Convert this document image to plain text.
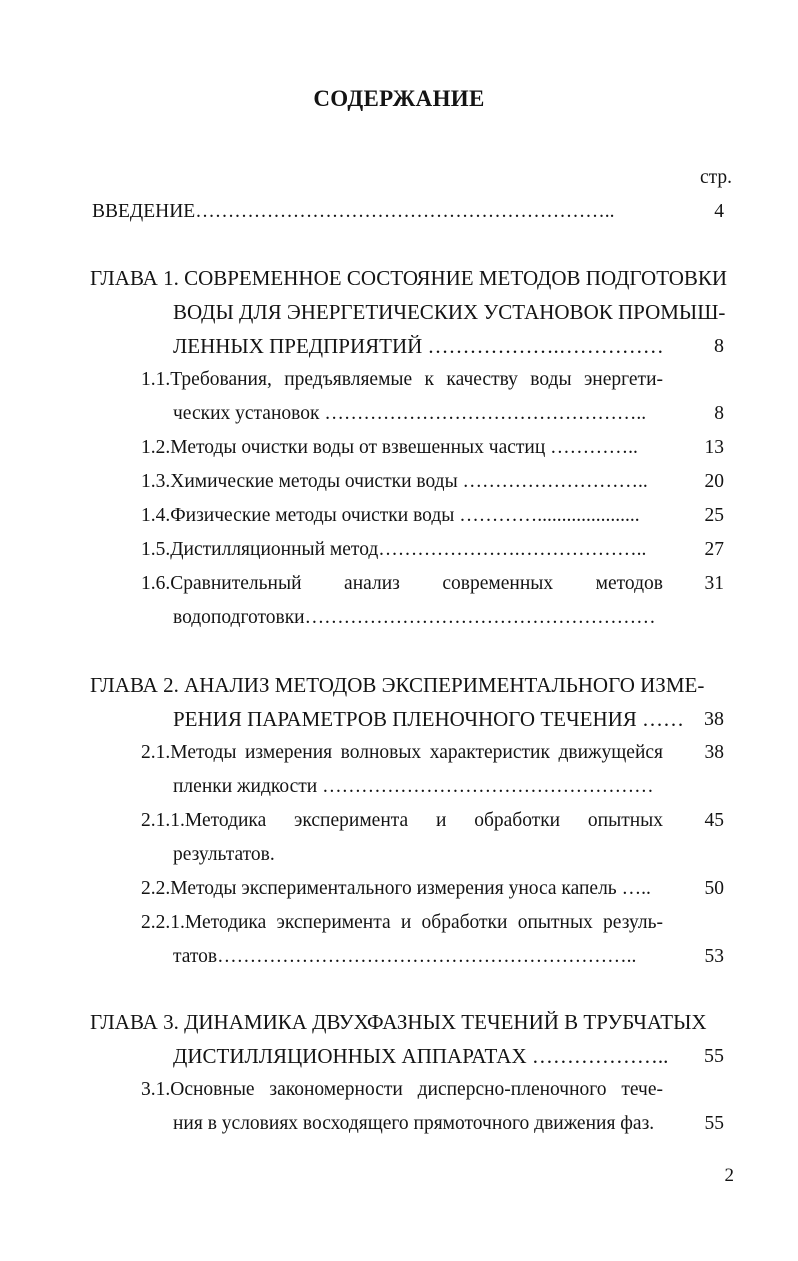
СОДЕРЖАНИЕ
стр.
ВВЕДЕНИЕ………………………………………………………..	4
ГЛАВА 1. СОВРЕМЕННОЕ СОСТОЯНИЕ МЕТОДОВ ПОДГОТОВКИ
ВОДЫ ДЛЯ ЭНЕРГЕТИЧЕСКИХ УСТАНОВОК ПРОМЫШ-
ЛЕННЫХ ПРЕДПРИЯТИЙ ……………….……………	8
1.1.Требования, предъявляемые к качеству воды энергети-
ческих установок …………………………………………..	8
1.2.Методы очистки воды от взвешенных частиц …………..	13
1.3.Химические методы очистки воды ………………………..	20
1.4.Физические методы очистки воды ………….....................	25
1.5.Дистилляционный метод………………….………………..	27
1.6.Сравнительный анализ современных методов 31
водоподготовки………………………………………………
ГЛАВА 2. АНАЛИЗ МЕТОДОВ ЭКСПЕРИМЕНТАЛЬНОГО ИЗМЕ-
РЕНИЯ ПАРАМЕТРОВ ПЛЕНОЧНОГО ТЕЧЕНИЯ …… 38
2.1.Методы измерения волновых характеристик движущейся 38
пленки жидкости ……………………………………………
2.1.1.Методика эксперимента и обработки опытных 45
результатов.
2.2.Методы экспериментального измерения уноса капель …..	50
2.2.1.Методика эксперимента и обработки опытных резуль-
татов………………………………………………………..	53
ГЛАВА 3. ДИНАМИКА ДВУХФАЗНЫХ ТЕЧЕНИЙ В ТРУБЧАТЫХ
ДИСТИЛЛЯЦИОННЫХ АППАРАТАХ ……………….. 55
3.1.Основные закономерности дисперсно-пленочного тече-
ния в условиях восходящего прямоточного движения фаз.	55
2
